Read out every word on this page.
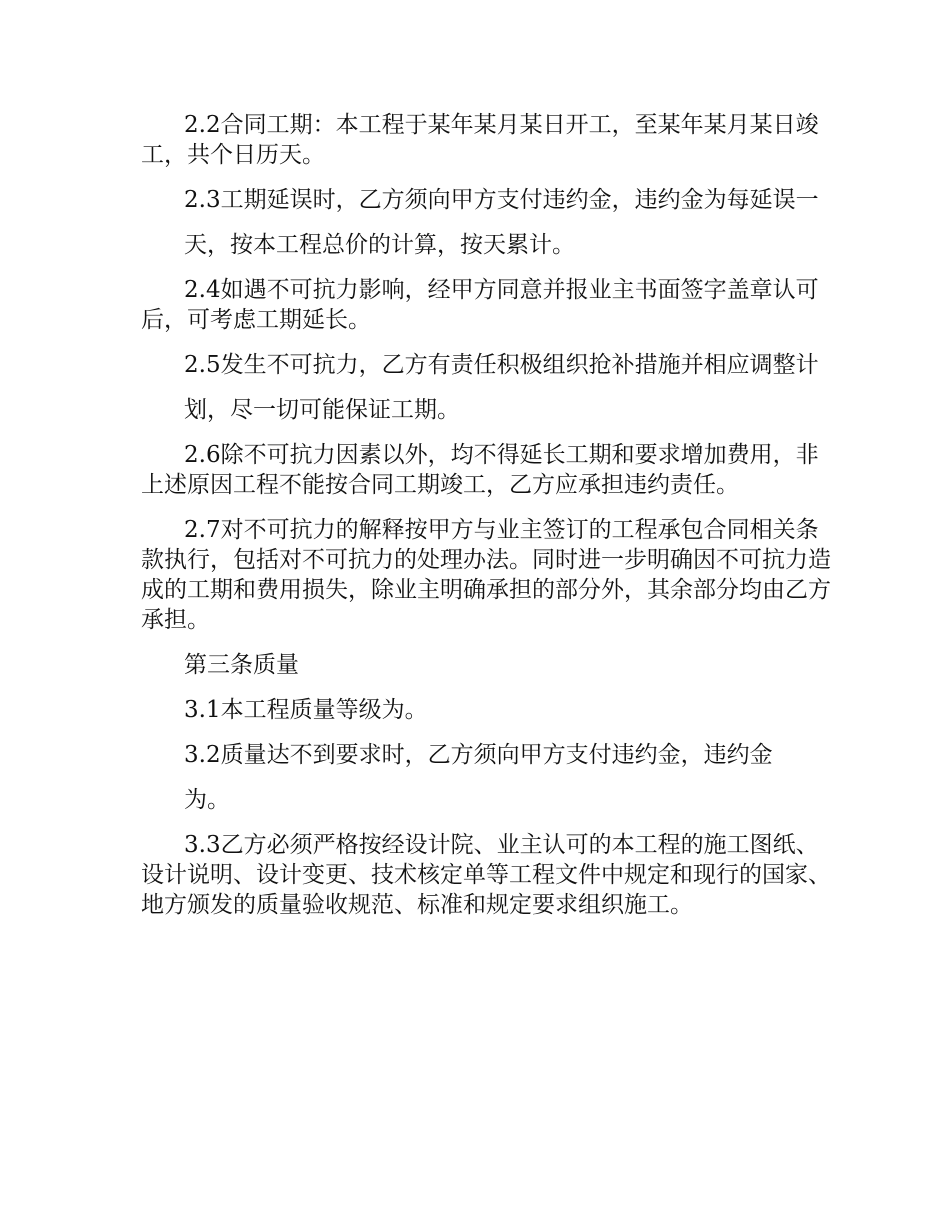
2.2合同工期：本工程于某年某月某日开工，至某年某月某日竣工，共个日历天。

2.3工期延误时，乙方须向甲方支付违约金，违约金为每延误一

天，按本工程总价的计算，按天累计。

2.4如遇不可抗力影响，经甲方同意并报业主书面签字盖章认可后，可考虑工期延长。

2.5发生不可抗力，乙方有责任积极组织抢补措施并相应调整计

划，尽一切可能保证工期。

2.6除不可抗力因素以外，均不得延长工期和要求增加费用，非上述原因工程不能按合同工期竣工，乙方应承担违约责任。

2.7对不可抗力的解释按甲方与业主签订的工程承包合同相关条款执行，包括对不可抗力的处理办法。同时进一步明确因不可抗力造成的工期和费用损失，除业主明确承担的部分外，其余部分均由乙方承担。

第三条质量

3.1本工程质量等级为。

3.2质量达不到要求时，乙方须向甲方支付违约金，违约金

为。

3.3乙方必须严格按经设计院、业主认可的本工程的施工图纸、设计说明、设计变更、技术核定单等工程文件中规定和现行的国家、地方颁发的质量验收规范、标准和规定要求组织施工。
